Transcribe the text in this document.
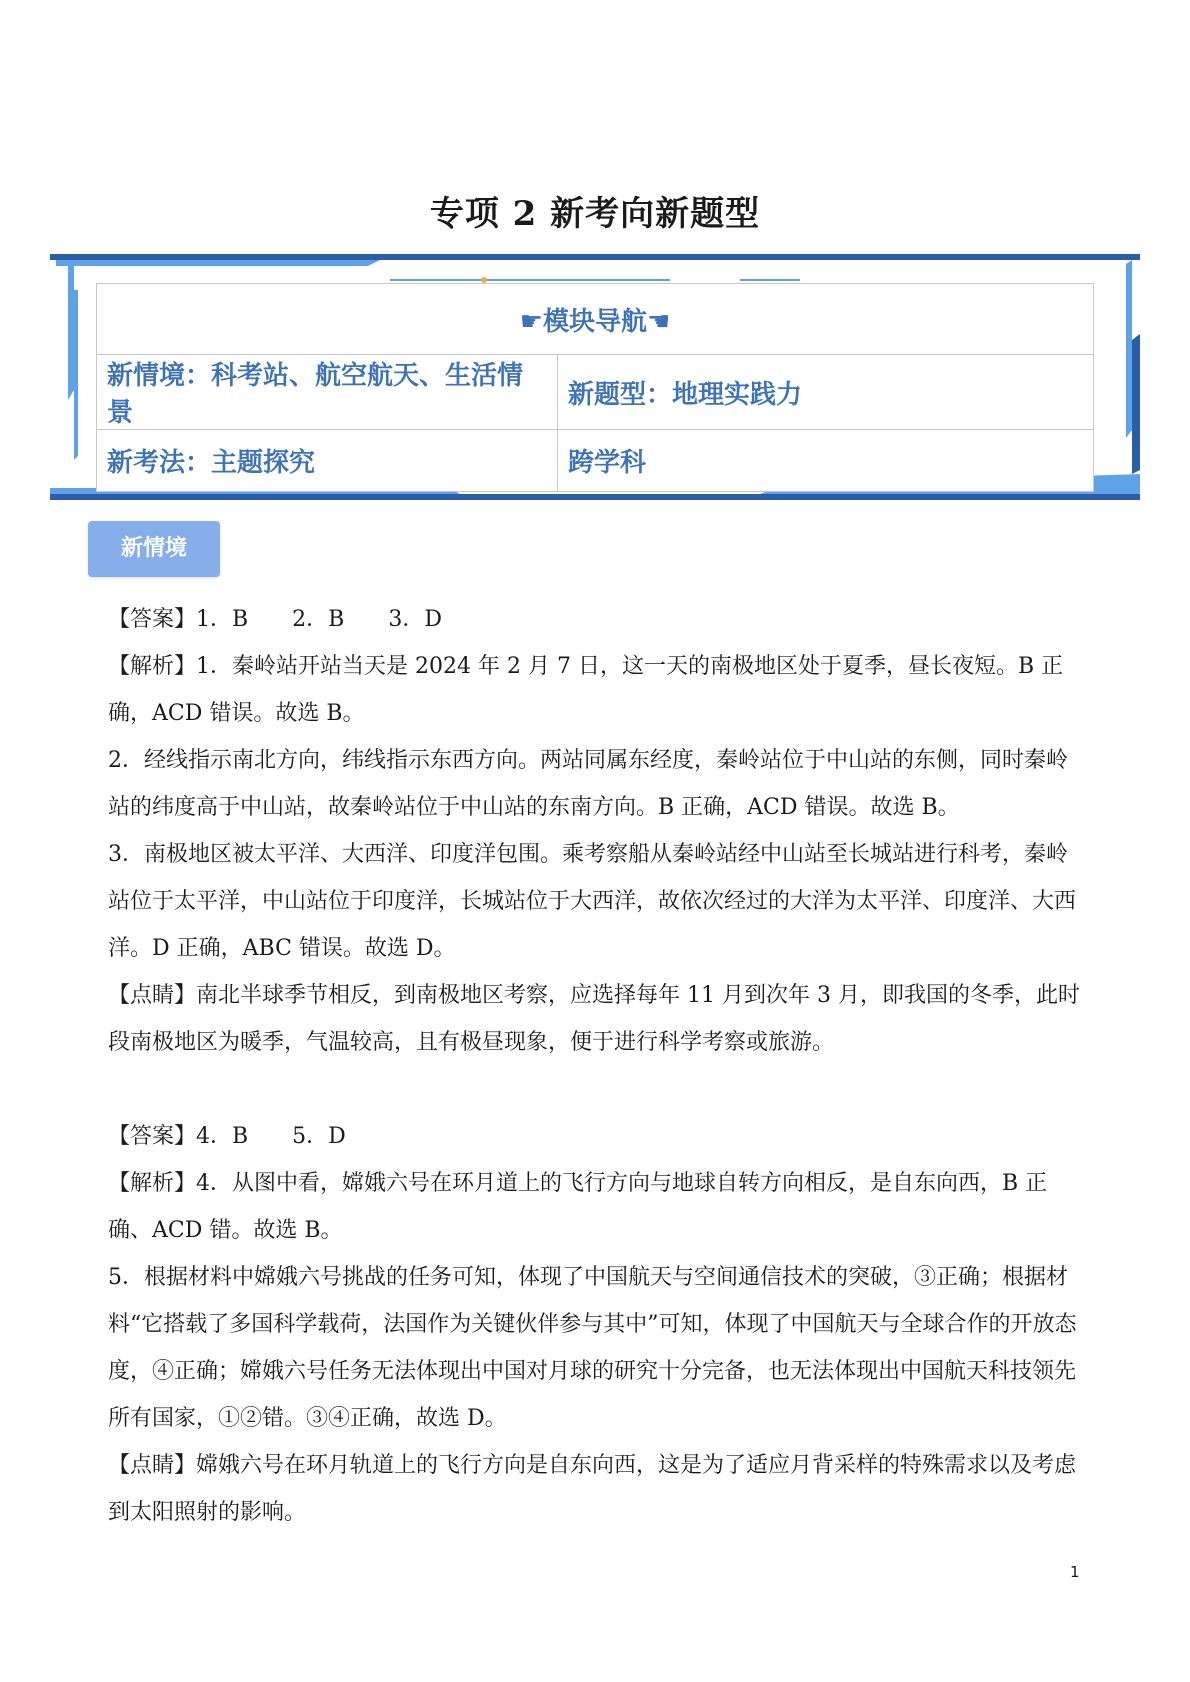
专项 2 新考向新题型
☛模块导航☚	
新情境：科考站、航空航天、生活情景	新题型：地理实践力
新考法：主题探究	跨学科
新情境

【答案】1．B　　2．B　　3．D

【解析】1．秦岭站开站当天是 2024 年 2 月 7 日，这一天的南极地区处于夏季，昼长夜短。B 正确，ACD 错误。故选 B。

2．经线指示南北方向，纬线指示东西方向。两站同属东经度，秦岭站位于中山站的东侧，同时秦岭站的纬度高于中山站，故秦岭站位于中山站的东南方向。B 正确，ACD 错误。故选 B。

3．南极地区被太平洋、大西洋、印度洋包围。乘考察船从秦岭站经中山站至长城站进行科考，秦岭站位于太平洋，中山站位于印度洋，长城站位于大西洋，故依次经过的大洋为太平洋、印度洋、大西洋。D 正确，ABC 错误。故选 D。

【点睛】南北半球季节相反，到南极地区考察，应选择每年 11 月到次年 3 月，即我国的冬季，此时段南极地区为暖季，气温较高，且有极昼现象，便于进行科学考察或旅游。

【答案】4．B　　5．D

【解析】4．从图中看，嫦娥六号在环月道上的飞行方向与地球自转方向相反，是自东向西，B 正确、ACD 错。故选 B。

5．根据材料中嫦娥六号挑战的任务可知，体现了中国航天与空间通信技术的突破，③正确；根据材料“它搭载了多国科学载荷，法国作为关键伙伴参与其中”可知，体现了中国航天与全球合作的开放态度，④正确；嫦娥六号任务无法体现出中国对月球的研究十分完备，也无法体现出中国航天科技领先所有国家，①②错。③④正确，故选 D。

【点睛】嫦娥六号在环月轨道上的飞行方向是自东向西，这是为了适应月背采样的特殊需求以及考虑到太阳照射的影响。

1
